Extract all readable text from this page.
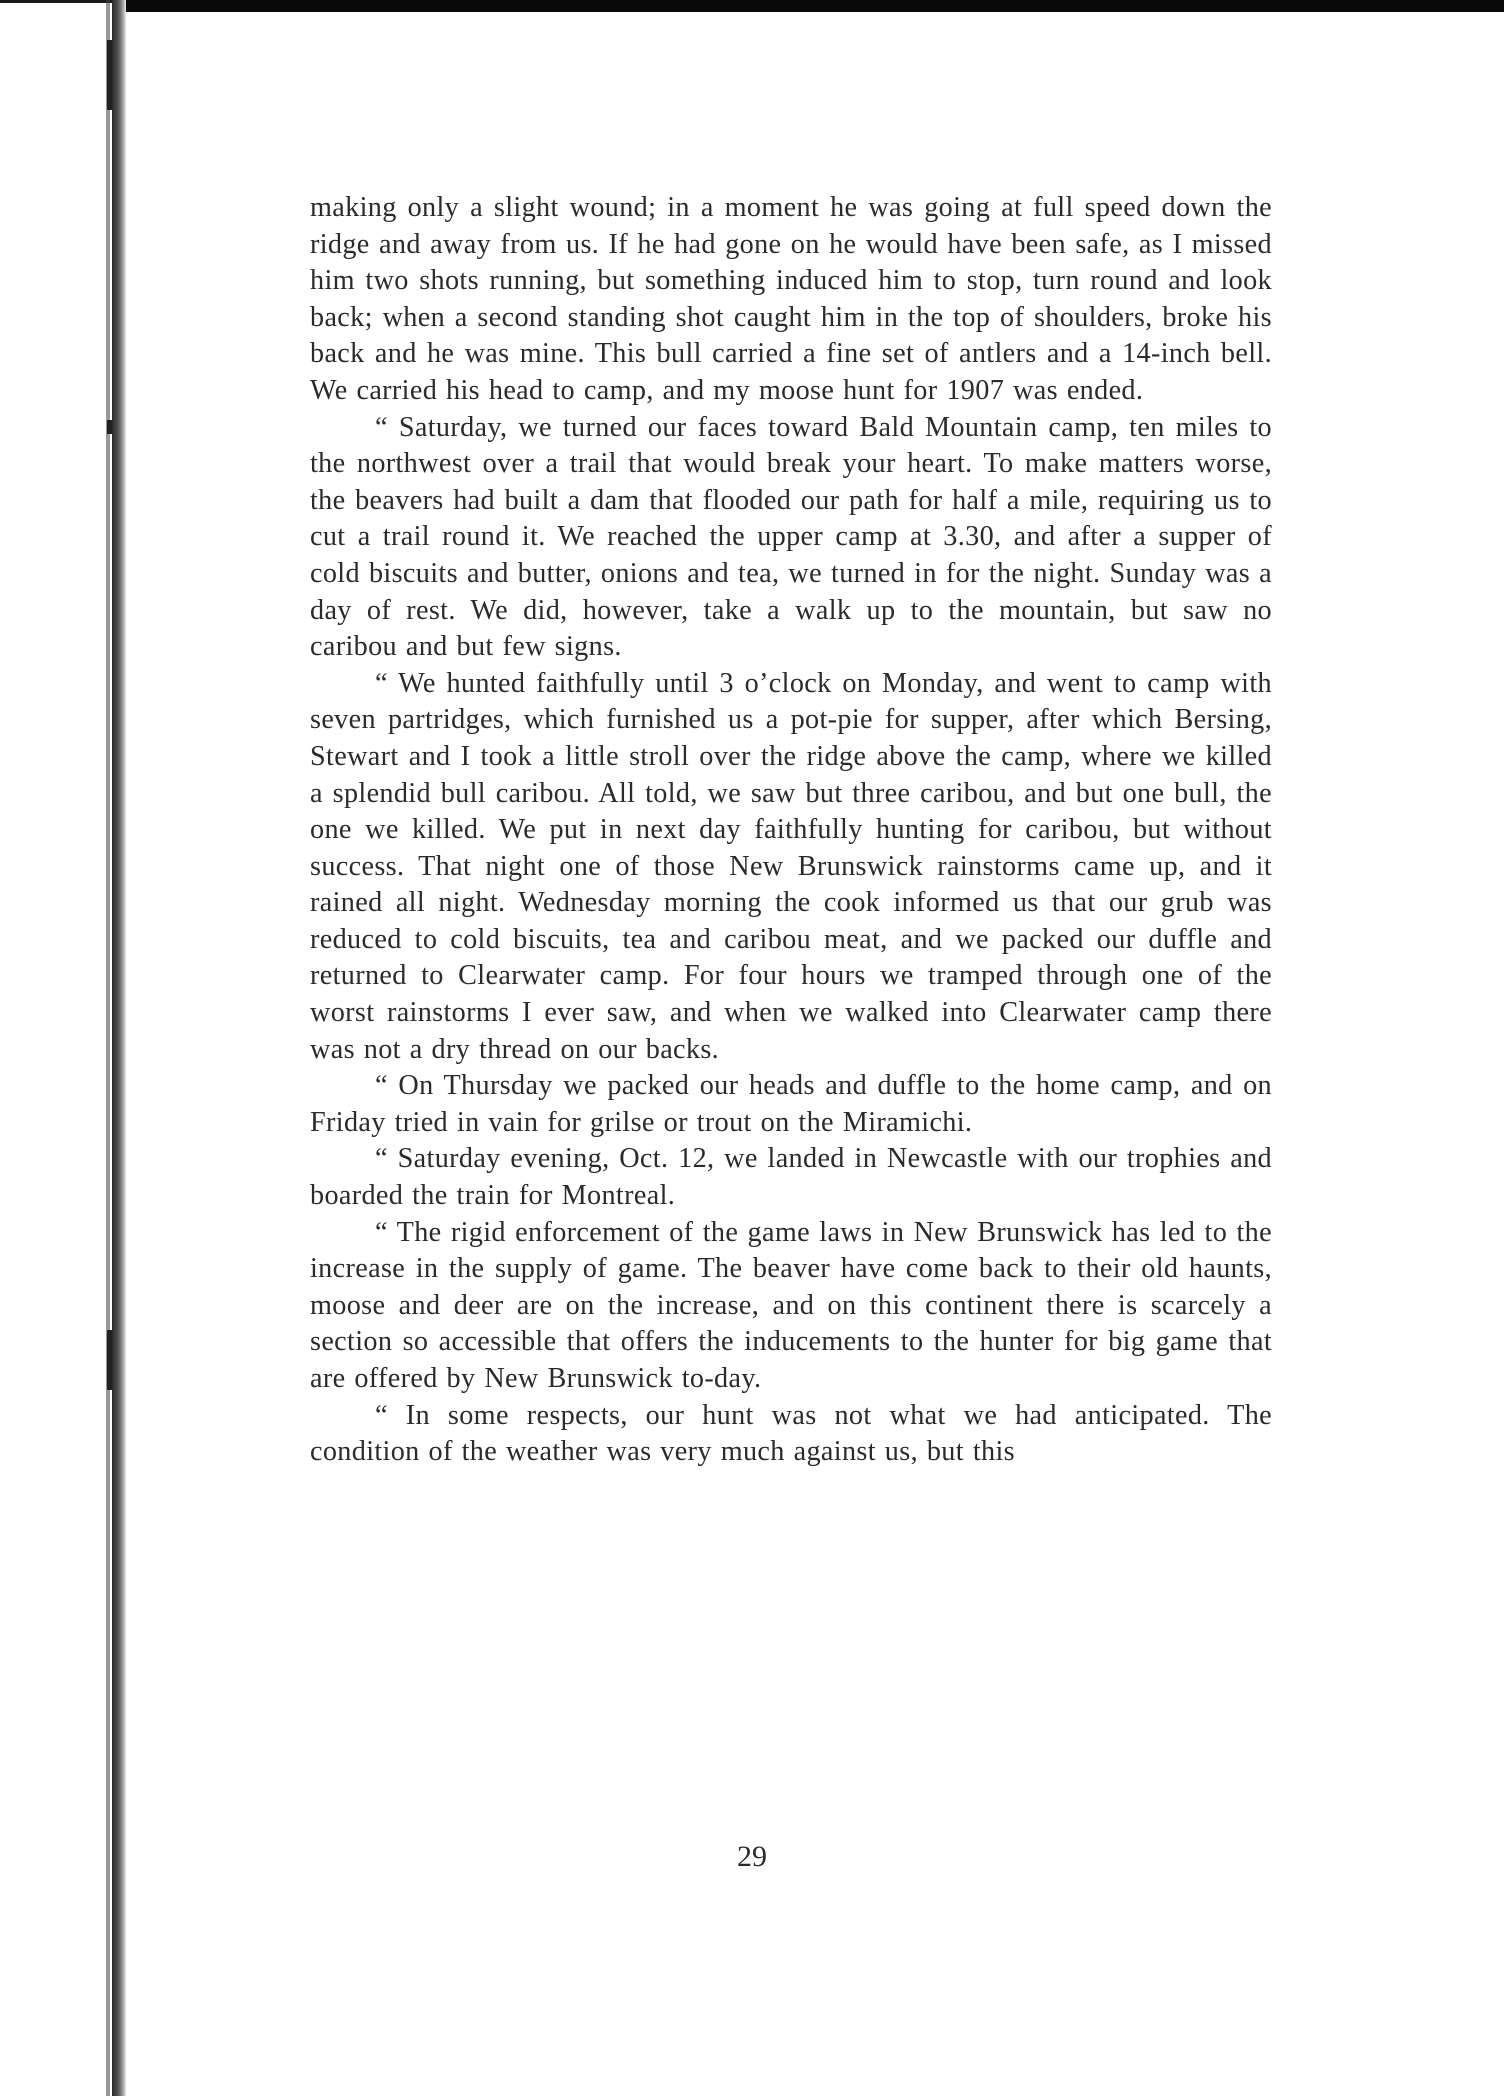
making only a slight wound; in a moment he was going at full speed down the ridge and away from us. If he had gone on he would have been safe, as I missed him two shots running, but something induced him to stop, turn round and look back; when a second standing shot caught him in the top of shoulders, broke his back and he was mine. This bull carried a fine set of antlers and a 14-inch bell. We carried his head to camp, and my moose hunt for 1907 was ended.

“ Saturday, we turned our faces toward Bald Mountain camp, ten miles to the northwest over a trail that would break your heart. To make matters worse, the beavers had built a dam that flooded our path for half a mile, requiring us to cut a trail round it. We reached the upper camp at 3.30, and after a supper of cold biscuits and butter, onions and tea, we turned in for the night. Sunday was a day of rest. We did, however, take a walk up to the mountain, but saw no caribou and but few signs.

“ We hunted faithfully until 3 o’clock on Monday, and went to camp with seven partridges, which furnished us a pot-pie for supper, after which Bersing, Stewart and I took a little stroll over the ridge above the camp, where we killed a splendid bull caribou. All told, we saw but three caribou, and but one bull, the one we killed. We put in next day faithfully hunting for caribou, but without success. That night one of those New Brunswick rainstorms came up, and it rained all night. Wednesday morning the cook informed us that our grub was reduced to cold biscuits, tea and caribou meat, and we packed our duffle and returned to Clearwater camp. For four hours we tramped through one of the worst rainstorms I ever saw, and when we walked into Clearwater camp there was not a dry thread on our backs.

“ On Thursday we packed our heads and duffle to the home camp, and on Friday tried in vain for grilse or trout on the Miramichi.

“ Saturday evening, Oct. 12, we landed in Newcastle with our trophies and boarded the train for Montreal.

“ The rigid enforcement of the game laws in New Brunswick has led to the increase in the supply of game. The beaver have come back to their old haunts, moose and deer are on the increase, and on this continent there is scarcely a section so accessible that offers the inducements to the hunter for big game that are offered by New Brunswick to-day.

“ In some respects, our hunt was not what we had anticipated. The condition of the weather was very much against us, but this

29
